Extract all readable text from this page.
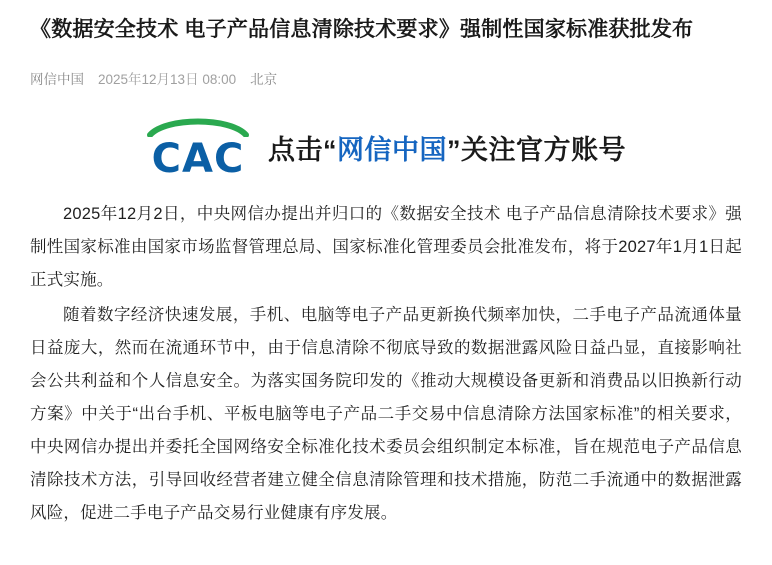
《数据安全技术 电子产品信息清除技术要求》强制性国家标准获批发布
网信中国 2025年12月13日 08:00 北京
CAC 点击“网信中国”关注官方账号

2025年12月2日，中央网信办提出并归口的《数据安全技术 电子产品信息清除技术要求》强制性国家标准由国家市场监督管理总局、国家标准化管理委员会批准发布，将于2027年1月1日起正式实施。

随着数字经济快速发展，手机、电脑等电子产品更新换代频率加快，二手电子产品流通体量日益庞大，然而在流通环节中，由于信息清除不彻底导致的数据泄露风险日益凸显，直接影响社会公共利益和个人信息安全。为落实国务院印发的《推动大规模设备更新和消费品以旧换新行动方案》中关于“出台手机、平板电脑等电子产品二手交易中信息清除方法国家标准”的相关要求，中央网信办提出并委托全国网络安全标准化技术委员会组织制定本标准，旨在规范电子产品信息清除技术方法，引导回收经营者建立健全信息清除管理和技术措施，防范二手流通中的数据泄露风险，促进二手电子产品交易行业健康有序发展。
